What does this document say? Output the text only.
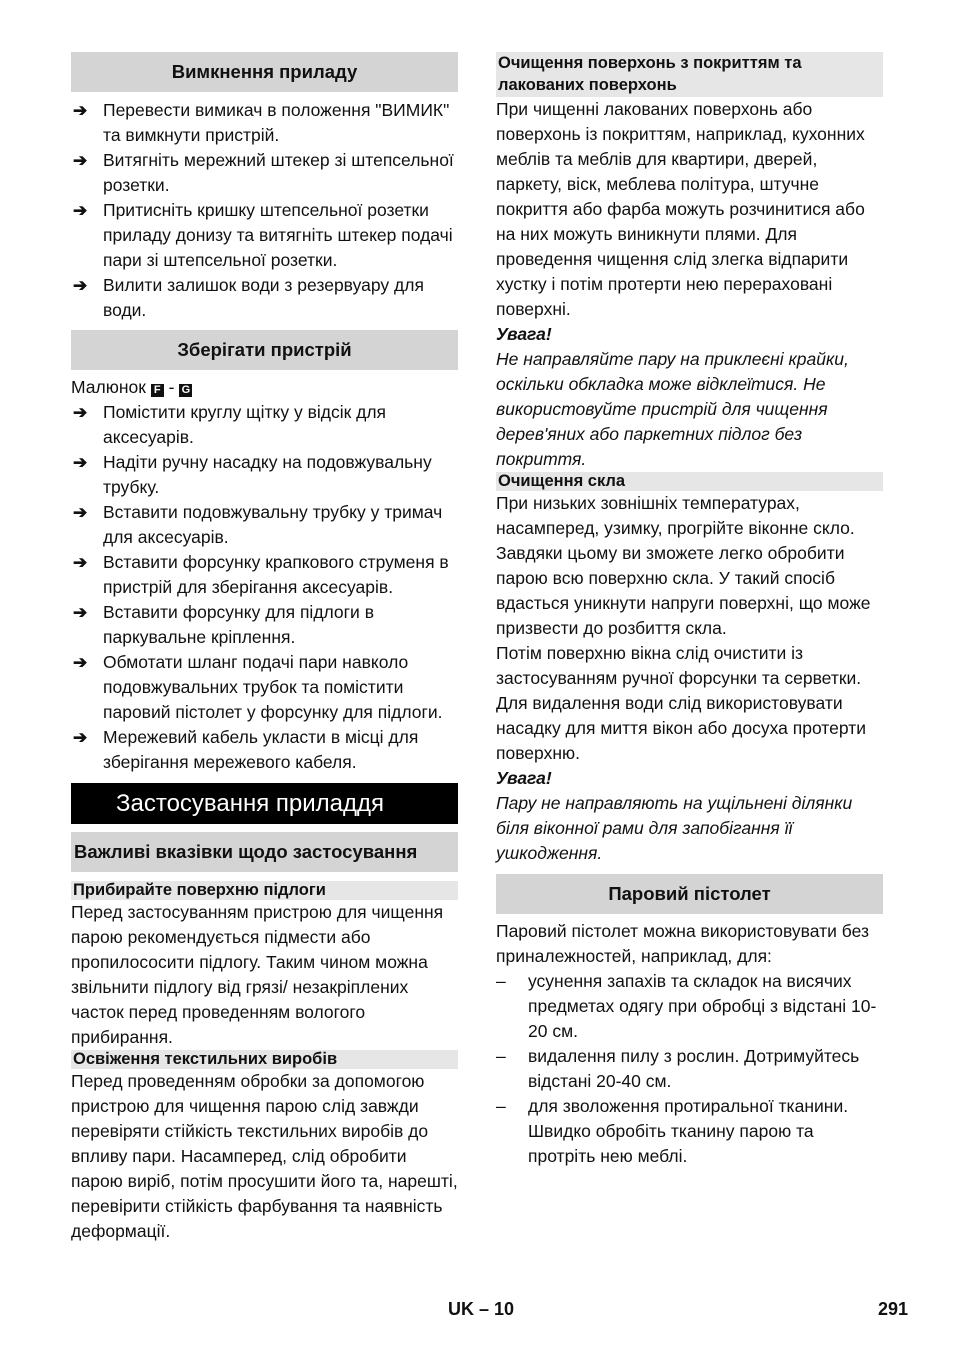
Вимкнення приладу
➔ Перевести вимикач в положення "ВИМИК" та вимкнути пристрій.
➔ Витягніть мережний штекер зі штепсельної розетки.
➔ Притисніть кришку штепсельної розетки приладу донизу та витягніть штекер подачі пари зі штепсельної розетки.
➔ Вилити залишок води з резервуару для води.
Зберігати пристрій
Малюнок F - G
➔ Помістити круглу щітку у відсік для аксесуарів.
➔ Надіти ручну насадку на подовжувальну трубку.
➔ Вставити подовжувальну трубку у тримач для аксесуарів.
➔ Вставити форсунку крапкового струменя в пристрій для зберігання аксесуарів.
➔ Вставити форсунку для підлоги в паркувальне кріплення.
➔ Обмотати шланг подачі пари навколо подовжувальних трубок та помістити паровий пістолет у форсунку для підлоги.
➔ Мережевий кабель укласти в місці для зберігання мережевого кабеля.
Застосування приладдя
Важливі вказівки щодо застосування
Прибирайте поверхню підлоги

Перед застосуванням пристрою для чищення парою рекомендується підмести або пропилососити підлогу. Таким чином можна звільнити підлогу від грязі/ незакріплених часток перед проведенням вологого прибирання.

Освіження текстильних виробів

Перед проведенням обробки за допомогою пристрою для чищення парою слід завжди перевіряти стійкість текстильних виробів до впливу пари. Насамперед, слід обробити парою виріб, потім просушити його та, нарешті, перевірити стійкість фарбування та наявність деформації.

Очищення поверхонь з покриттям та лакованих поверхонь

При чищенні лакованих поверхонь або поверхонь із покриттям, наприклад, кухонних меблів та меблів для квартири, дверей, паркету, віск, меблева політура, штучне покриття або фарба можуть розчинитися або на них можуть виникнути плями. Для проведення чищення слід злегка відпарити хустку і потім протерти нею перераховані поверхні.

Увага!

Не направляйте пару на приклеєні крайки, оскільки обкладка може відклеїтися. Не використовуйте пристрій для чищення дерев'яних або паркетних підлог без покриття.

Очищення скла

При низьких зовнішніх температурах, насамперед, узимку, прогрійте віконне скло. Завдяки цьому ви зможете легко обробити парою всю поверхню скла. У такий спосіб вдасться уникнути напруги поверхні, що може призвести до розбиття скла.

Потім поверхню вікна слід очистити із застосуванням ручної форсунки та серветки. Для видалення води слід використовувати насадку для миття вікон або досуха протерти поверхню.

Увага!

Пару не направляють на ущільнені ділянки біля віконної рами для запобігання її ушкодження.

Паровий пістолет

Паровий пістолет можна використовувати без приналежностей, наприклад, для:

– усунення запахів та складок на висячих предметах одягу при обробці з відстані 10-20 см.
– видалення пилу з рослин. Дотримуйтесь відстані 20-40 см.
– для зволоження протиральної тканини. Швидко обробіть тканину парою та протріть нею меблі.
UK – 10	291
